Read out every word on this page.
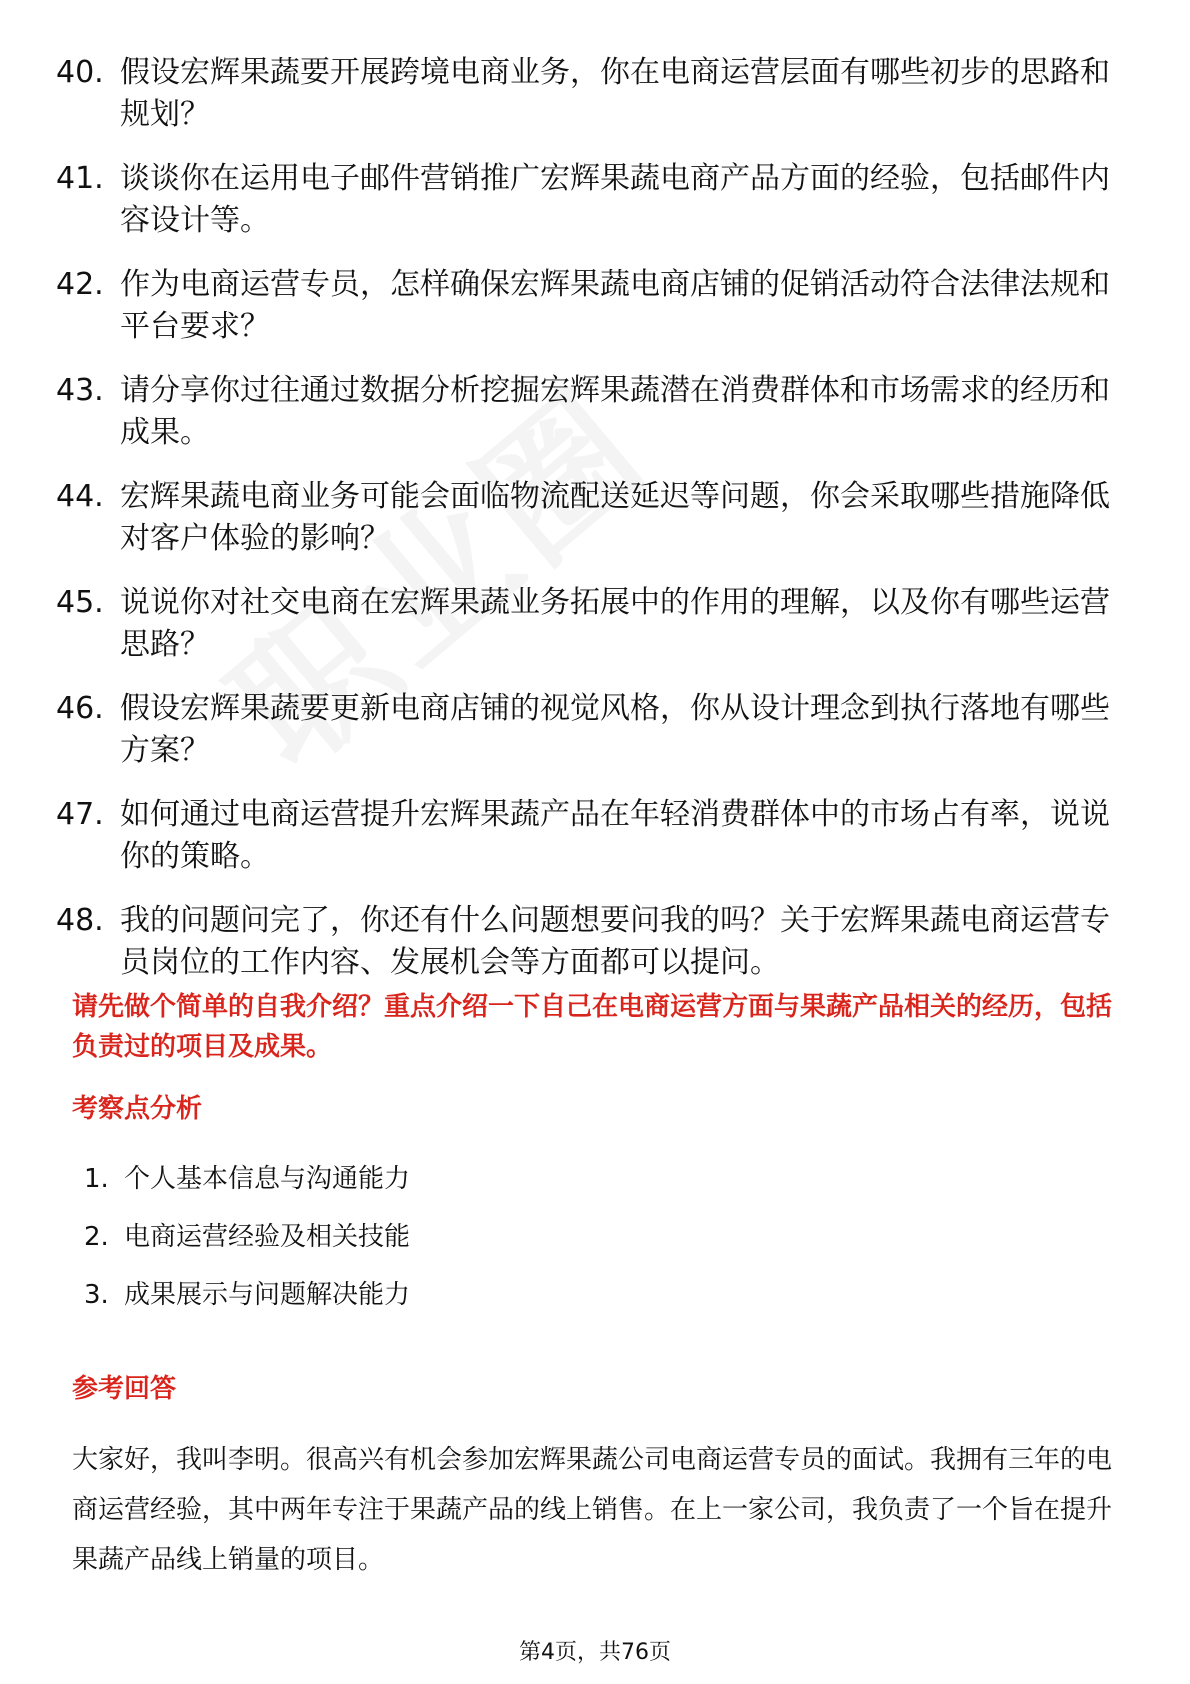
40. 假设宏辉果蔬要开展跨境电商业务，你在电商运营层面有哪些初步的思路和规划？
41. 谈谈你在运用电子邮件营销推广宏辉果蔬电商产品方面的经验，包括邮件内容设计等。
42. 作为电商运营专员，怎样确保宏辉果蔬电商店铺的促销活动符合法律法规和平台要求？
43. 请分享你过往通过数据分析挖掘宏辉果蔬潜在消费群体和市场需求的经历和成果。
44. 宏辉果蔬电商业务可能会面临物流配送延迟等问题，你会采取哪些措施降低对客户体验的影响？
45. 说说你对社交电商在宏辉果蔬业务拓展中的作用的理解，以及你有哪些运营思路？
46. 假设宏辉果蔬要更新电商店铺的视觉风格，你从设计理念到执行落地有哪些方案？
47. 如何通过电商运营提升宏辉果蔬产品在年轻消费群体中的市场占有率，说说你的策略。
48. 我的问题问完了，你还有什么问题想要问我的吗？关于宏辉果蔬电商运营专员岗位的工作内容、发展机会等方面都可以提问。

请先做个简单的自我介绍？重点介绍一下自己在电商运营方面与果蔬产品相关的经历，包括负责过的项目及成果。

考察点分析
1. 个人基本信息与沟通能力
2. 电商运营经验及相关技能
3. 成果展示与问题解决能力
参考回答

大家好，我叫李明。很高兴有机会参加宏辉果蔬公司电商运营专员的面试。我拥有三年的电商运营经验，其中两年专注于果蔬产品的线上销售。在上一家公司，我负责了一个旨在提升果蔬产品线上销量的项目。

第4页，共76页
